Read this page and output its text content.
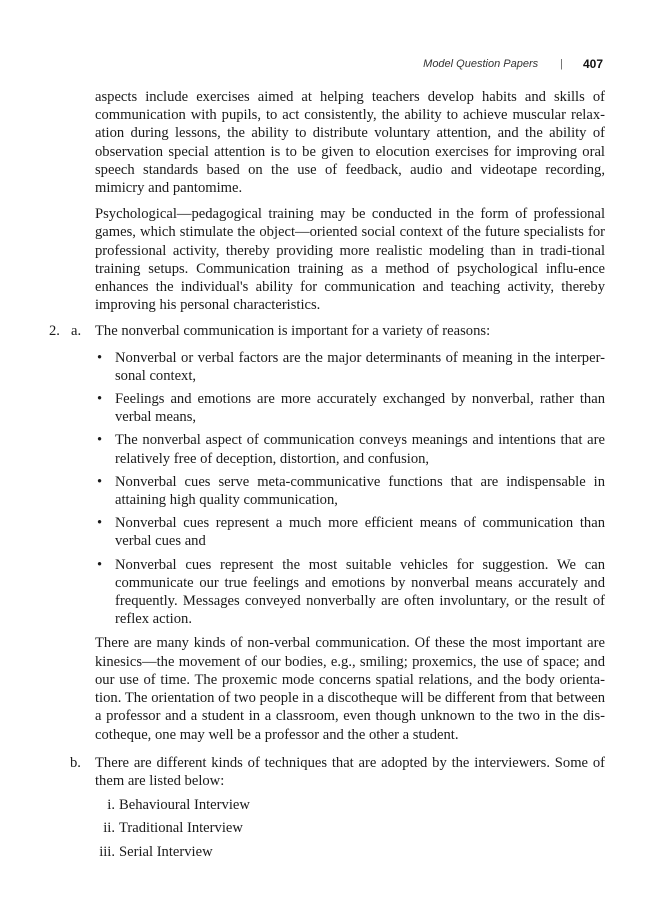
Model Question Papers | 407

aspects include exercises aimed at helping teachers develop habits and skills of communication with pupils, to act consistently, the ability to achieve muscular relax-ation during lessons, the ability to distribute voluntary attention, and the ability of observation special attention is to be given to elocution exercises for improving oral speech standards based on the use of feedback, audio and videotape recording, mimicry and pantomime.

Psychological—pedagogical training may be conducted in the form of professional games, which stimulate the object—oriented social context of the future specialists for professional activity, thereby providing more realistic modeling than in tradi-tional training setups. Communication training as a method of psychological influ-ence enhances the individual's ability for communication and teaching activity, thereby improving his personal characteristics.

2. a. The nonverbal communication is important for a variety of reasons:

• Nonverbal or verbal factors are the major determinants of meaning in the interper-sonal context,
• Feelings and emotions are more accurately exchanged by nonverbal, rather than verbal means,
• The nonverbal aspect of communication conveys meanings and intentions that are relatively free of deception, distortion, and confusion,
• Nonverbal cues serve meta-communicative functions that are indispensable in attaining high quality communication,
• Nonverbal cues represent a much more efficient means of communication than verbal cues and
• Nonverbal cues represent the most suitable vehicles for suggestion. We can communicate our true feelings and emotions by nonverbal means accurately and frequently. Messages conveyed nonverbally are often involuntary, or the result of reflex action.

There are many kinds of non-verbal communication. Of these the most important are kinesics—the movement of our bodies, e.g., smiling; proxemics, the use of space; and our use of time. The proxemic mode concerns spatial relations, and the body orienta-tion. The orientation of two people in a discotheque will be different from that between a professor and a student in a classroom, even though unknown to the two in the dis-cotheque, one may well be a professor and the other a student.

b. There are different kinds of techniques that are adopted by the interviewers. Some of them are listed below:

i. Behavioural Interview
ii. Traditional Interview
iii. Serial Interview
